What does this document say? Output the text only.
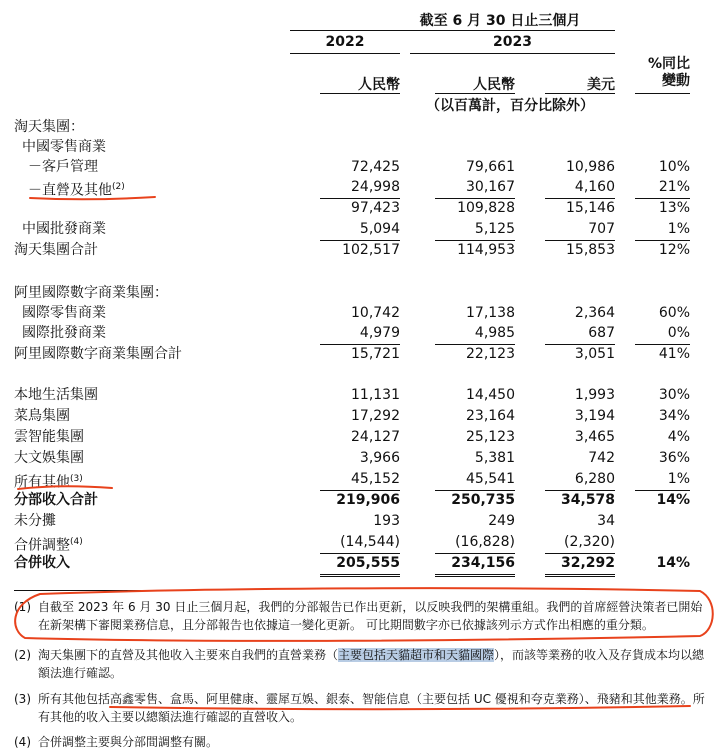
截至 6 月 30 日止三個月
2022	2023
人民幣	人民幣	美元
%同比
變動
（以百萬計，百分比除外）
淘天集團：
中國零售商業
－客戶管理	72,425	79,661	10,986	10%
－直營及其他$^{(2)}$	24,998	30,167	4,160	21%
97,423	109,828	15,146	13%
中國批發商業	5,094	5,125	707	1%
淘天集團合計	102,517	114,953	15,853	12%
阿里國際數字商業集團：
國際零售商業	10,742	17,138	2,364	60%
國際批發商業	4,979	4,985	687	0%
阿里國際數字商業集團合計	15,721	22,123	3,051	41%
本地生活集團	11,131	14,450	1,993	30%
菜鳥集團	17,292	23,164	3,194	34%
雲智能集團	24,127	25,123	3,465	4%
大文娛集團	3,966	5,381	742	36%
所有其他$^{(3)}$	45,152	45,541	6,280	1%
分部收入合計	219,906	250,735	34,578	14%
未分攤	193	249	34
合併調整$^{(4)}$	(14,544)	(16,828)	(2,320)
合併收入	205,555	234,156	32,292	14%
(1) 自截至 2023 年 6 月 30 日止三個月起，我們的分部報告已作出更新，以反映我們的架構重組。我們的首席經營決策者已開始在新架構下審閱業務信息，且分部報告也依據這一變化更新。 可比期間數字亦已依據該列示方式作出相應的重分類。
(2) 淘天集團下的直營及其他收入主要來自我們的直營業務（主要包括天貓超市和天貓國際），而該等業務的收入及存貨成本均以總額法進行確認。
(3) 所有其他包括高鑫零售、盒馬、阿里健康、靈犀互娛、銀泰、智能信息（主要包括 UC 優視和夸克業務）、飛豬和其他業務。所有其他的收入主要以總額法進行確認的直營收入。
(4) 合併調整主要與分部間調整有關。
